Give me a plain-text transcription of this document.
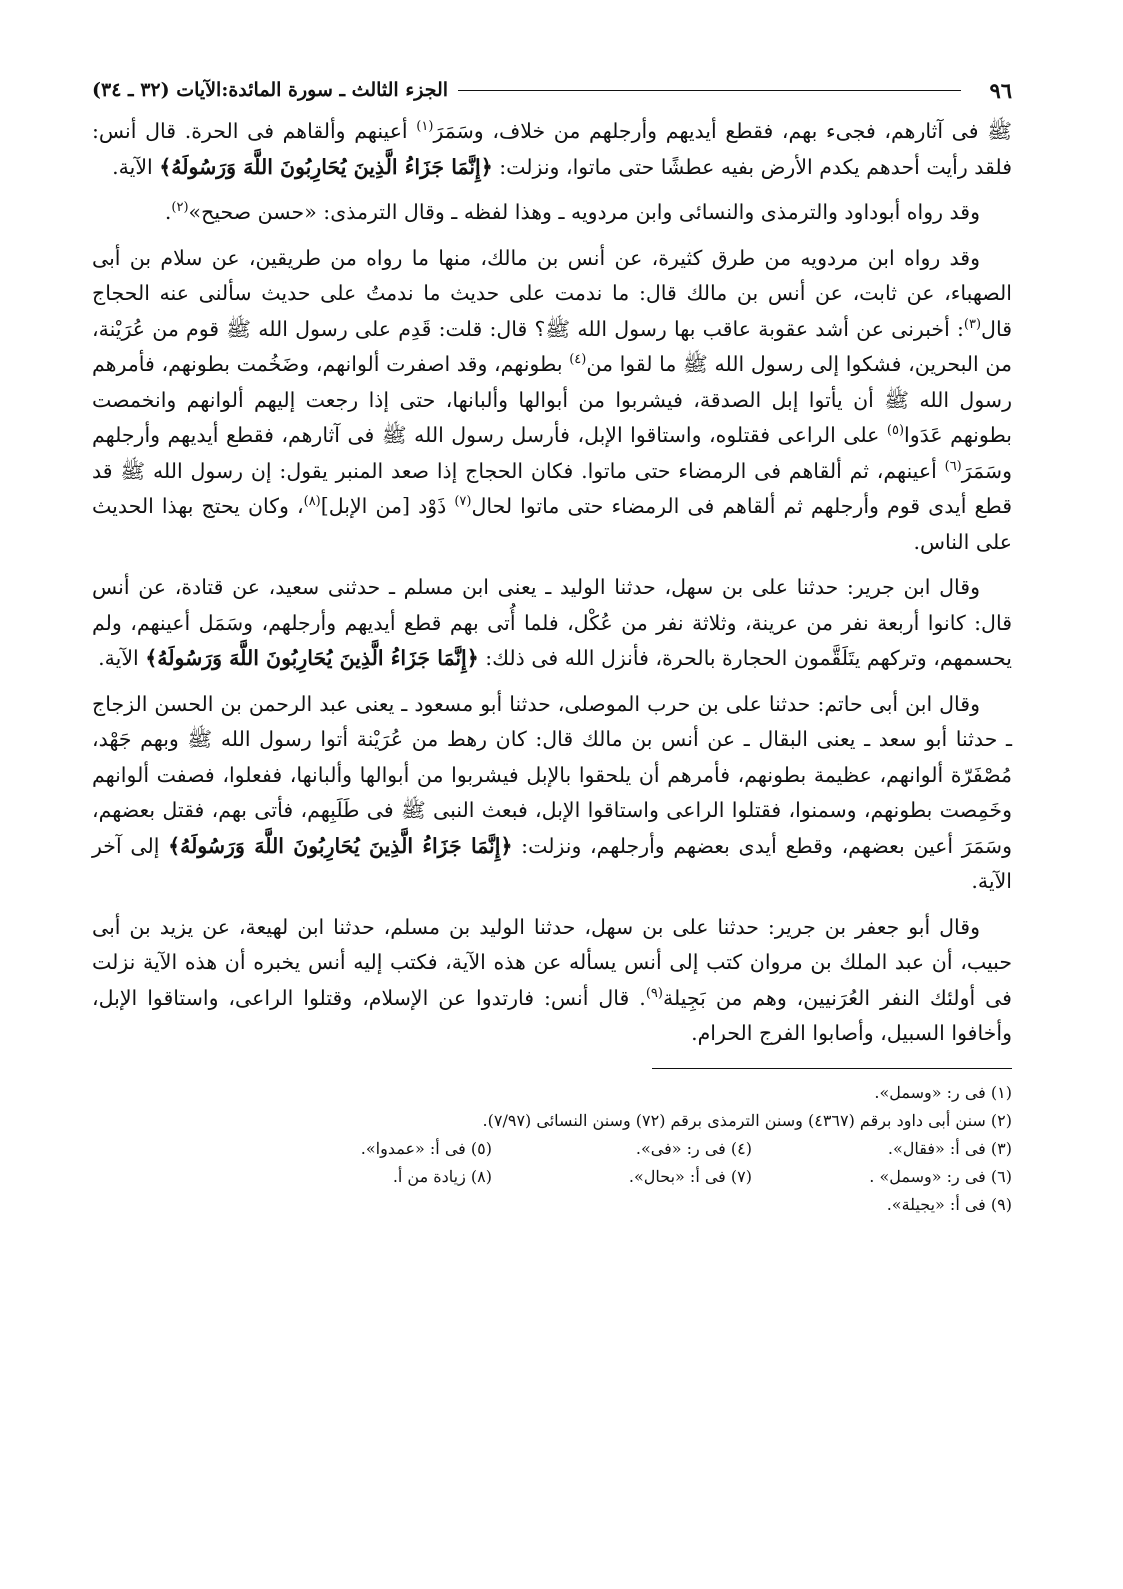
٩٦
الجزء الثالث ـ سورة المائدة:الآيات (٣٢ ـ ٣٤)

ﷺ فى آثارهم، فجىء بهم، فقطع أيديهم وأرجلهم من خلاف، وسَمَرَ$^{(١)}$ أعينهم وألقاهم فى الحرة. قال أنس: فلقد رأيت أحدهم يكدم الأرض بفيه عطشًا حتى ماتوا، ونزلت: ﴿إِنَّمَا جَزَاءُ الَّذِينَ يُحَارِبُونَ اللَّهَ وَرَسُولَهُ﴾ الآية.

وقد رواه أبوداود والترمذى والنسائى وابن مردويه ـ وهذا لفظه ـ وقال الترمذى: «حسن صحيح»$^{(٢)}$.

وقد رواه ابن مردويه من طرق كثيرة، عن أنس بن مالك، منها ما رواه من طريقين، عن سلام بن أبى الصهباء، عن ثابت، عن أنس بن مالك قال: ما ندمت على حديث ما ندمتُ على حديث سألنى عنه الحجاج قال$^{(٣)}$: أخبرنى عن أشد عقوبة عاقب بها رسول الله ﷺ؟ قال: قلت: قَدِم على رسول الله ﷺ قوم من عُرَيْنة، من البحرين، فشكوا إلى رسول الله ﷺ ما لقوا من$^{(٤)}$ بطونهم، وقد اصفرت ألوانهم، وضَخُمت بطونهم، فأمرهم رسول الله ﷺ أن يأتوا إبل الصدقة، فيشربوا من أبوالها وألبانها، حتى إذا رجعت إليهم ألوانهم وانخمصت بطونهم عَدَوا$^{(٥)}$ على الراعى فقتلوه، واستاقوا الإبل، فأرسل رسول الله ﷺ فى آثارهم، فقطع أيديهم وأرجلهم وسَمَرَ$^{(٦)}$ أعينهم، ثم ألقاهم فى الرمضاء حتى ماتوا. فكان الحجاج إذا صعد المنبر يقول: إن رسول الله ﷺ قد قطع أيدى قوم وأرجلهم ثم ألقاهم فى الرمضاء حتى ماتوا لحال$^{(٧)}$ ذَوْد [من الإبل]$^{(٨)}$، وكان يحتج بهذا الحديث على الناس.

وقال ابن جرير: حدثنا على بن سهل، حدثنا الوليد ـ يعنى ابن مسلم ـ حدثنى سعيد، عن قتادة، عن أنس قال: كانوا أربعة نفر من عرينة، وثلاثة نفر من عُكْل، فلما أُتى بهم قطع أيديهم وأرجلهم، وسَمَل أعينهم، ولم يحسمهم، وتركهم يتَلَقَّمون الحجارة بالحرة، فأنزل الله فى ذلك: ﴿إِنَّمَا جَزَاءُ الَّذِينَ يُحَارِبُونَ اللَّهَ وَرَسُولَهُ﴾ الآية.

وقال ابن أبى حاتم: حدثنا على بن حرب الموصلى، حدثنا أبو مسعود ـ يعنى عبد الرحمن بن الحسن الزجاج ـ حدثنا أبو سعد ـ يعنى البقال ـ عن أنس بن مالك قال: كان رهط من عُرَيْنة أتوا رسول الله ﷺ وبهم جَهْد، مُصْفَرّة ألوانهم، عظيمة بطونهم، فأمرهم أن يلحقوا بالإبل فيشربوا من أبوالها وألبانها، ففعلوا، فصفت ألوانهم وخَمِصت بطونهم، وسمنوا، فقتلوا الراعى واستاقوا الإبل، فبعث النبى ﷺ فى طَلَبِهم، فأتى بهم، فقتل بعضهم، وسَمَرَ أعين بعضهم، وقطع أيدى بعضهم وأرجلهم، ونزلت: ﴿إِنَّمَا جَزَاءُ الَّذِينَ يُحَارِبُونَ اللَّهَ وَرَسُولَهُ﴾ إلى آخر الآية.

وقال أبو جعفر بن جرير: حدثنا على بن سهل، حدثنا الوليد بن مسلم، حدثنا ابن لهيعة، عن يزيد بن أبى حبيب، أن عبد الملك بن مروان كتب إلى أنس يسأله عن هذه الآية، فكتب إليه أنس يخبره أن هذه الآية نزلت فى أولئك النفر العُرَنيين، وهم من بَجِيلة$^{(٩)}$. قال أنس: فارتدوا عن الإسلام، وقتلوا الراعى، واستاقوا الإبل، وأخافوا السبيل، وأصابوا الفرج الحرام.

(١) فى ر: «وسمل».
(٢) سنن أبى داود برقم (٤٣٦٧) وسنن الترمذى برقم (٧٢) وسنن النسائى (٧/٩٧).
(٣) فى أ: «فقال».
(٤) فى ر: «فى».
(٥) فى أ: «عمدوا».
(٦) فى ر: «وسمل» .
(٧) فى أ: «بحال».
(٨) زيادة من أ.
(٩) فى أ: «يجيلة».
